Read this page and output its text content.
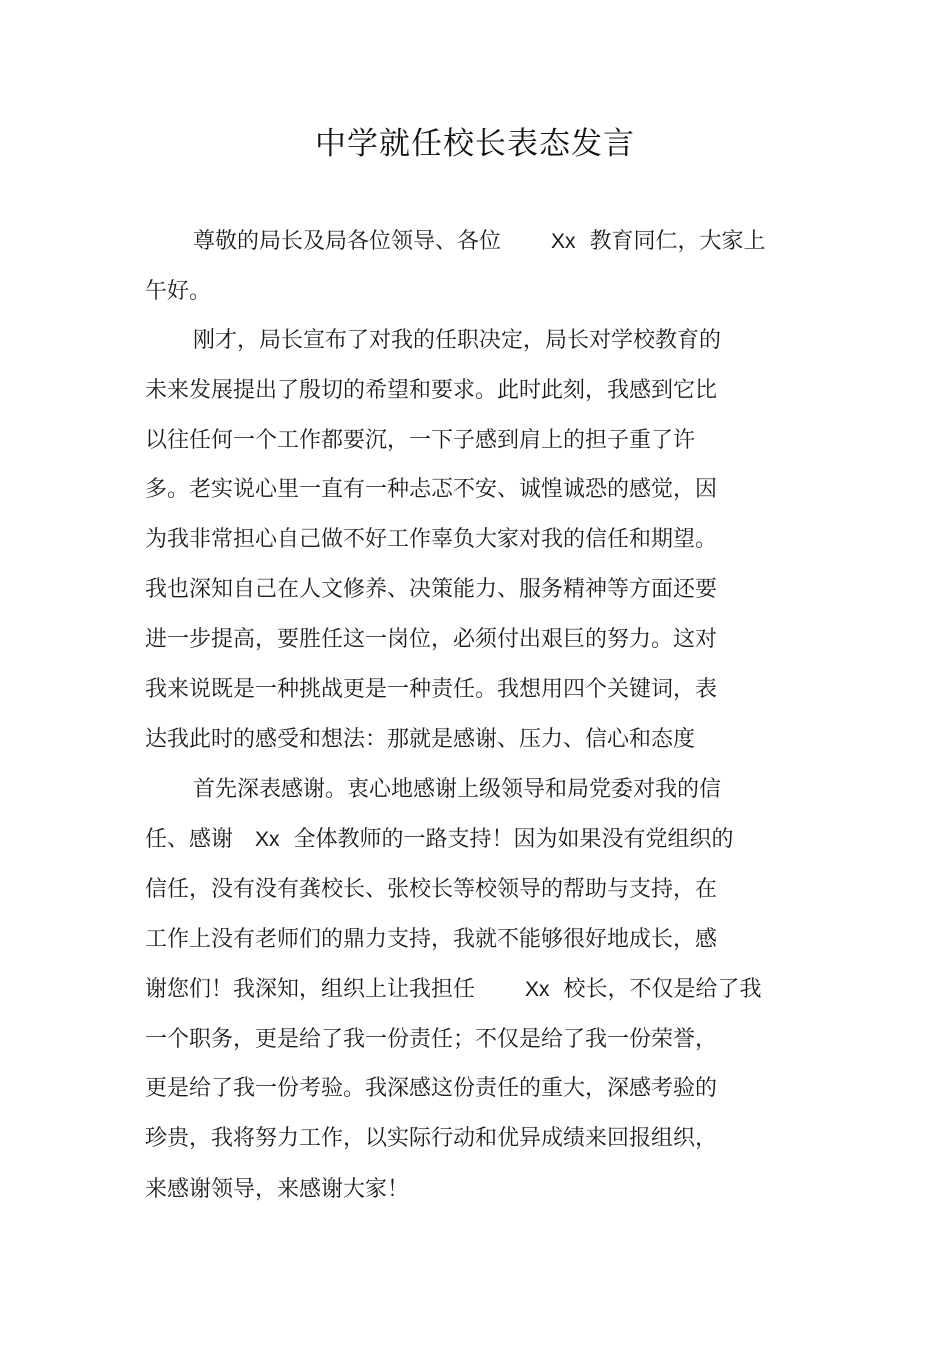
中学就任校长表态发言
尊敬的局长及局各位领导、各位 Xx 教育同仁，大家上
午好。
刚才，局长宣布了对我的任职决定，局长对学校教育的
未来发展提出了殷切的希望和要求。此时此刻，我感到它比
以往任何一个工作都要沉，一下子感到肩上的担子重了许
多。老实说心里一直有一种忐忑不安、诚惶诚恐的感觉，因
为我非常担心自己做不好工作辜负大家对我的信任和期望。
我也深知自己在人文修养、决策能力、服务精神等方面还要
进一步提高，要胜任这一岗位，必须付出艰巨的努力。这对
我来说既是一种挑战更是一种责任。我想用四个关键词，表
达我此时的感受和想法：那就是感谢、压力、信心和态度
首先深表感谢。衷心地感谢上级领导和局党委对我的信
任、感谢 Xx 全体教师的一路支持！因为如果没有党组织的
信任，没有没有龚校长、张校长等校领导的帮助与支持，在
工作上没有老师们的鼎力支持，我就不能够很好地成长，感
谢您们！我深知，组织上让我担任 Xx 校长，不仅是给了我
一个职务，更是给了我一份责任；不仅是给了我一份荣誉，
更是给了我一份考验。我深感这份责任的重大，深感考验的
珍贵，我将努力工作，以实际行动和优异成绩来回报组织，
来感谢领导，来感谢大家！
